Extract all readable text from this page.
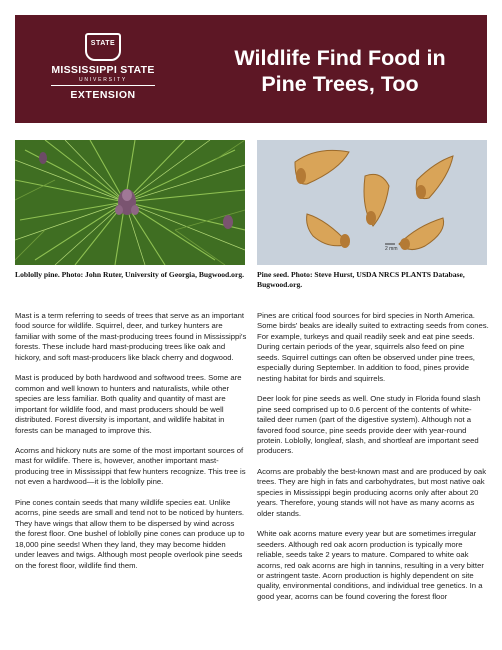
STATE
MISSISSIPPI STATE
UNIVERSITY
EXTENSION
Wildlife Find Food in
Pine Trees, Too
2 mm
Loblolly pine. Photo: John Ruter, University of Georgia, Bugwood.org. Pine seed. Photo: Steve Hurst, USDA NRCS PLANTS Database, Bugwood.org.

Mast is a term referring to seeds of trees that serve as an important food source for wildlife. Squirrel, deer, and turkey hunters are familiar with some of the mast-producing trees found in Mississippi's forests. These include hard mast-producing trees like oak and hickory, and soft mast-producers like black cherry and dogwood.

Mast is produced by both hardwood and softwood trees. Some are common and well known to hunters and naturalists, while other species are less familiar. Both quality and quantity of mast are important for wildlife food, and mast producers should be well distributed. Forest diversity is important, and wildlife habitat in forests can be managed to improve this.

Acorns and hickory nuts are some of the most important sources of mast for wildlife. There is, however, another important mast-producing tree in Mississippi that few hunters recognize. This tree is not even a hardwood—it is the loblolly pine.

Pine cones contain seeds that many wildlife species eat. Unlike acorns, pine seeds are small and tend not to be noticed by hunters. They have wings that allow them to be dispersed by wind across the forest floor. One bushel of loblolly pine cones can produce up to 18,000 pine seeds! When they land, they may become hidden under leaves and twigs. Although most people overlook pine seeds on the forest floor, wildlife find them.

Pines are critical food sources for bird species in North America. Some birds' beaks are ideally suited to extracting seeds from cones. For example, turkeys and quail readily seek and eat pine seeds. During certain periods of the year, squirrels also feed on pine seeds. Squirrel cuttings can often be observed under pine trees, especially during September. In addition to food, pines provide nesting habitat for birds and squirrels.

Deer look for pine seeds as well. One study in Florida found slash pine seed comprised up to 0.6 percent of the contents of white-tailed deer rumen (part of the digestive system). Although not a favored food source, pine seeds provide deer with year-round protein. Loblolly, longleaf, slash, and shortleaf are important seed producers.

Acorns are probably the best-known mast and are produced by oak trees. They are high in fats and carbohydrates, but most native oak species in Mississippi begin producing acorns only after about 20 years. Therefore, young stands will not have as many acorns as older stands.

White oak acorns mature every year but are sometimes irregular seeders. Although red oak acorn production is typically more reliable, seeds take 2 years to mature. Compared to white oak acorns, red oak acorns are high in tannins, resulting in a very bitter or astringent taste. Acorn production is highly dependent on site quality, environmental conditions, and individual tree genetics. In a good year, acorns can be found covering the forest floor
